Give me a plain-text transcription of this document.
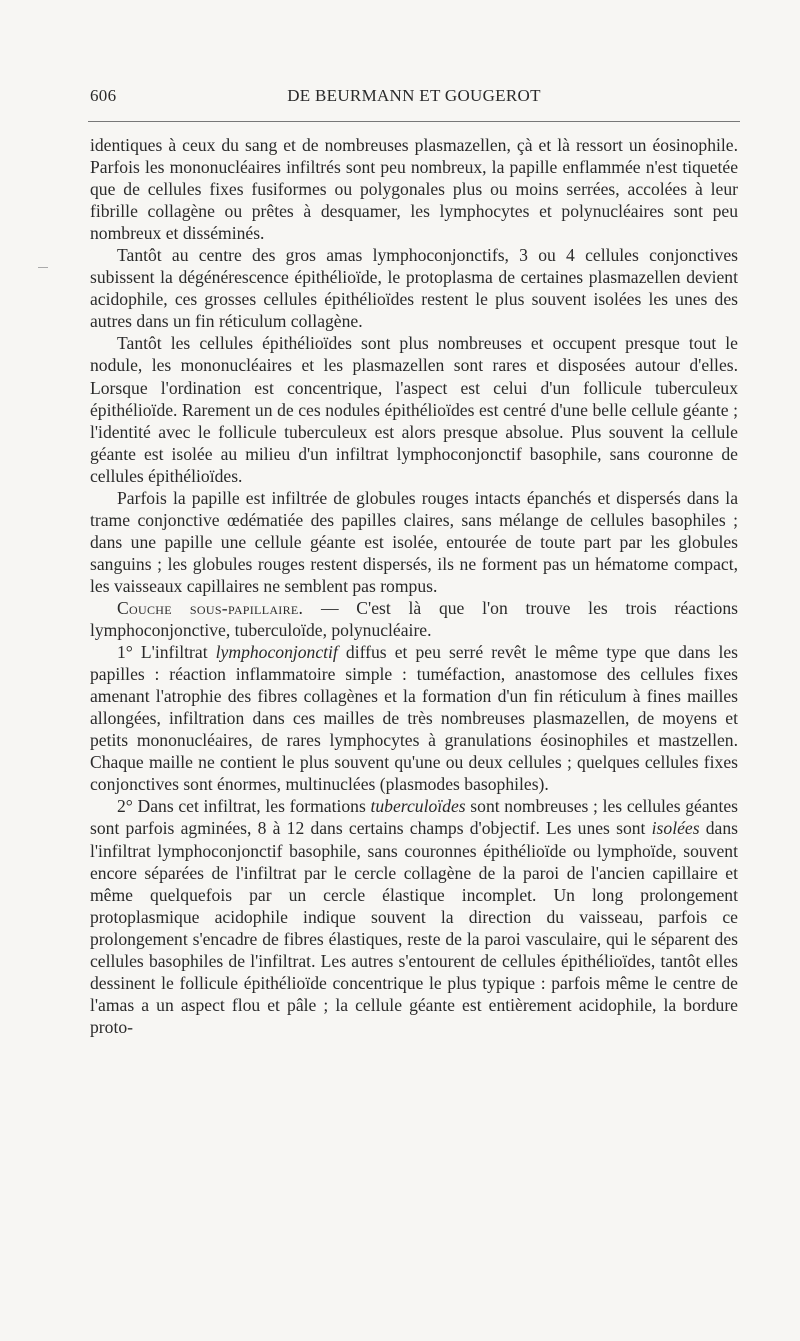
606	DE BEURMANN ET GOUGEROT

identiques à ceux du sang et de nombreuses plasmazellen, çà et là ressort un éosinophile. Parfois les mononucléaires infiltrés sont peu nombreux, la papille enflammée n'est tiquetée que de cellules fixes fusiformes ou polygonales plus ou moins serrées, accolées à leur fibrille collagène ou prêtes à desquamer, les lymphocytes et polynucléaires sont peu nombreux et disséminés.

Tantôt au centre des gros amas lymphoconjonctifs, 3 ou 4 cellules conjonctives subissent la dégénérescence épithélioïde, le protoplasma de certaines plasmazellen devient acidophile, ces grosses cellules épithélioïdes restent le plus souvent isolées les unes des autres dans un fin réticulum collagène.

Tantôt les cellules épithélioïdes sont plus nombreuses et occupent presque tout le nodule, les mononucléaires et les plasmazellen sont rares et disposées autour d'elles. Lorsque l'ordination est concentrique, l'aspect est celui d'un follicule tuberculeux épithélioïde. Rarement un de ces nodules épithélioïdes est centré d'une belle cellule géante ; l'identité avec le follicule tuberculeux est alors presque absolue. Plus souvent la cellule géante est isolée au milieu d'un infiltrat lymphoconjonctif basophile, sans couronne de cellules épithélioïdes.

Parfois la papille est infiltrée de globules rouges intacts épanchés et dispersés dans la trame conjonctive œdématiée des papilles claires, sans mélange de cellules basophiles ; dans une papille une cellule géante est isolée, entourée de toute part par les globules sanguins ; les globules rouges restent dispersés, ils ne forment pas un hématome compact, les vaisseaux capillaires ne semblent pas rompus.

Couche sous-papillaire. — C'est là que l'on trouve les trois réactions lymphoconjonctive, tuberculoïde, polynucléaire.

1° L'infiltrat lymphoconjonctif diffus et peu serré revêt le même type que dans les papilles : réaction inflammatoire simple : tuméfaction, anastomose des cellules fixes amenant l'atrophie des fibres collagènes et la formation d'un fin réticulum à fines mailles allongées, infiltration dans ces mailles de très nombreuses plasmazellen, de moyens et petits mononucléaires, de rares lymphocytes à granulations éosinophiles et mastzellen. Chaque maille ne contient le plus souvent qu'une ou deux cellules ; quelques cellules fixes conjonctives sont énormes, multinuclées (plasmodes basophiles).

2° Dans cet infiltrat, les formations tuberculoïdes sont nombreuses ; les cellules géantes sont parfois agminées, 8 à 12 dans certains champs d'objectif. Les unes sont isolées dans l'infiltrat lymphoconjonctif basophile, sans couronnes épithélioïde ou lymphoïde, souvent encore séparées de l'infiltrat par le cercle collagène de la paroi de l'ancien capillaire et même quelquefois par un cercle élastique incomplet. Un long prolongement protoplasmique acidophile indique souvent la direction du vaisseau, parfois ce prolongement s'encadre de fibres élastiques, reste de la paroi vasculaire, qui le séparent des cellules basophiles de l'infiltrat. Les autres s'entourent de cellules épithélioïdes, tantôt elles dessinent le follicule épithélioïde concentrique le plus typique : parfois même le centre de l'amas a un aspect flou et pâle ; la cellule géante est entièrement acidophile, la bordure proto-
